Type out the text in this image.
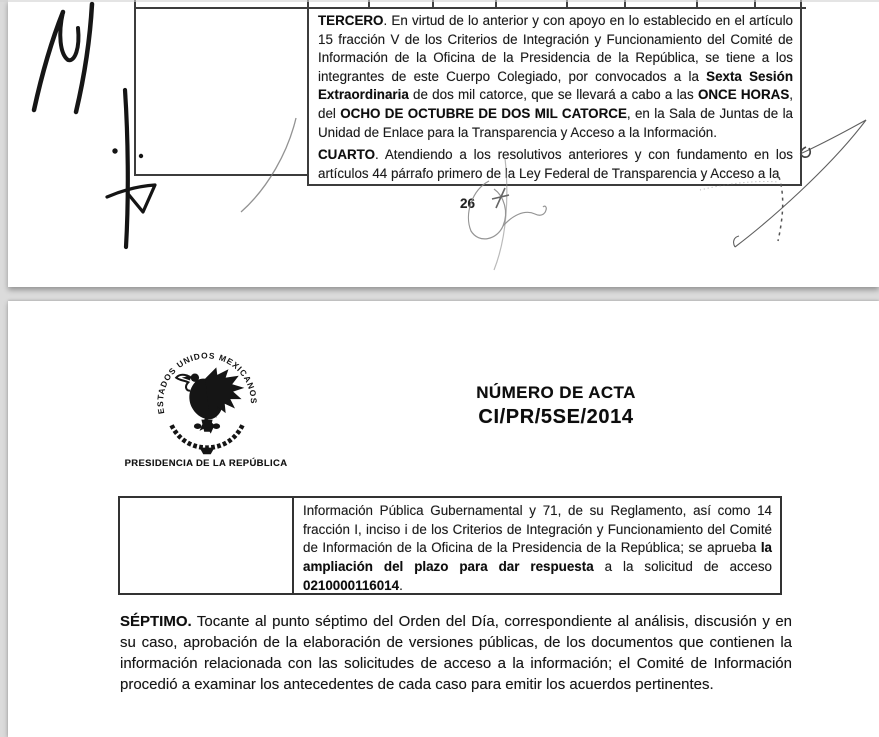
TERCERO. En virtud de lo anterior y con apoyo en lo establecido en el artículo 15 fracción V de los Criterios de Integración y Funcionamiento del Comité de Información de la Oficina de la Presidencia de la República, se tiene a los integrantes de este Cuerpo Colegiado, por convocados a la Sexta Sesión Extraordinaria de dos mil catorce, que se llevará a cabo a las ONCE HORAS, del OCHO DE OCTUBRE DE DOS MIL CATORCE, en la Sala de Juntas de la Unidad de Enlace para la Transparencia y Acceso a la Información.

CUARTO. Atendiendo a los resolutivos anteriores y con fundamento en los artículos 44 párrafo primero de la Ley Federal de Transparencia y Acceso a la

26
ESTADOS UNIDOS MEXICANOS
PRESIDENCIA DE LA REPÚBLICA
NÚMERO DE ACTA
CI/PR/5SE/2014
Información Pública Gubernamental y 71, de su Reglamento, así como 14 fracción I, inciso i de los Criterios de Integración y Funcionamiento del Comité de Información de la Oficina de la Presidencia de la República; se aprueba la ampliación del plazo para dar respuesta a la solicitud de acceso 0210000116014.
SÉPTIMO. Tocante al punto séptimo del Orden del Día, correspondiente al análisis, discusión y en su caso, aprobación de la elaboración de versiones públicas, de los documentos que contienen la información relacionada con las solicitudes de acceso a la información; el Comité de Información procedió a examinar los antecedentes de cada caso para emitir los acuerdos pertinentes.
